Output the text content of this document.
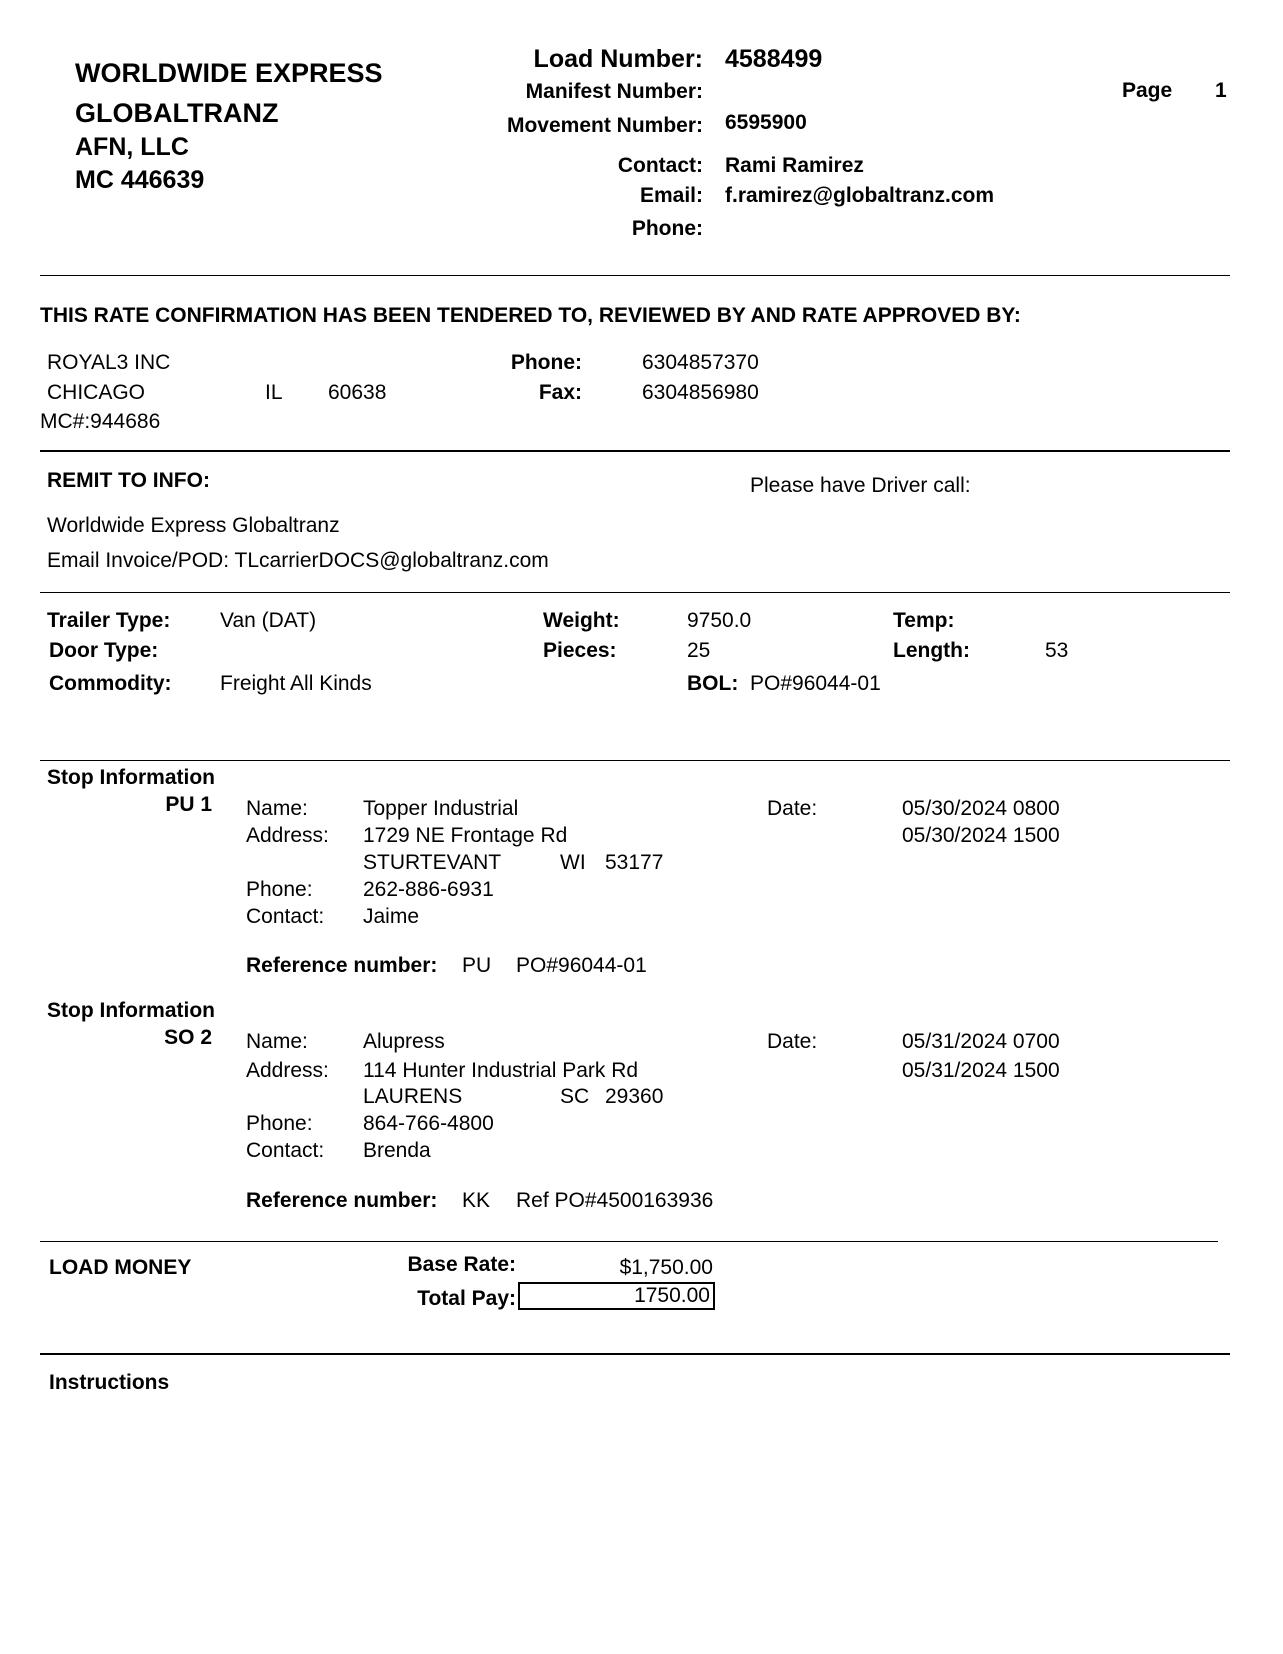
WORLDWIDE EXPRESS
GLOBALTRANZ
AFN, LLC
MC 446639
Load Number: 4588499
Manifest Number:
Movement Number: 6595900
Contact: Rami Ramirez
Email: f.ramirez@globaltranz.com
Phone:
Page 1
THIS RATE CONFIRMATION HAS BEEN TENDERED TO, REVIEWED BY AND RATE APPROVED BY:
ROYAL3 INC
CHICAGO	IL 60638
MC#:944686
Phone:	6304857370
Fax:	6304856980
REMIT TO INFO:	Please have Driver call:
Worldwide Express Globaltranz
Email Invoice/POD: TLcarrierDOCS@globaltranz.com
Trailer Type: Van (DAT)
Door Type:
Commodity: Freight All Kinds
Weight:	9750.0
Pieces:	25
BOL: PO#96044-01
Temp:
Length:	53
Stop Information
PU 1 Name:	Topper Industrial
Address: 1729 NE Frontage Rd
STURTEVANT	WI 53177
Phone: 262-886-6931
Contact: Jaime
Date:	05/30/2024 0800
05/30/2024 1500
Reference number: PU PO#96044-01
Stop Information
SO 2 Name:	Alupress
Address: 114 Hunter Industrial Park Rd
LAURENS	SC 29360
Phone: 864-766-4800
Contact: Brenda
Date:	05/31/2024 0700
05/31/2024 1500
Reference number: KK Ref PO#4500163936
LOAD MONEY	Base Rate:	$1,750.00
Total Pay:	1750.00
Instructions
